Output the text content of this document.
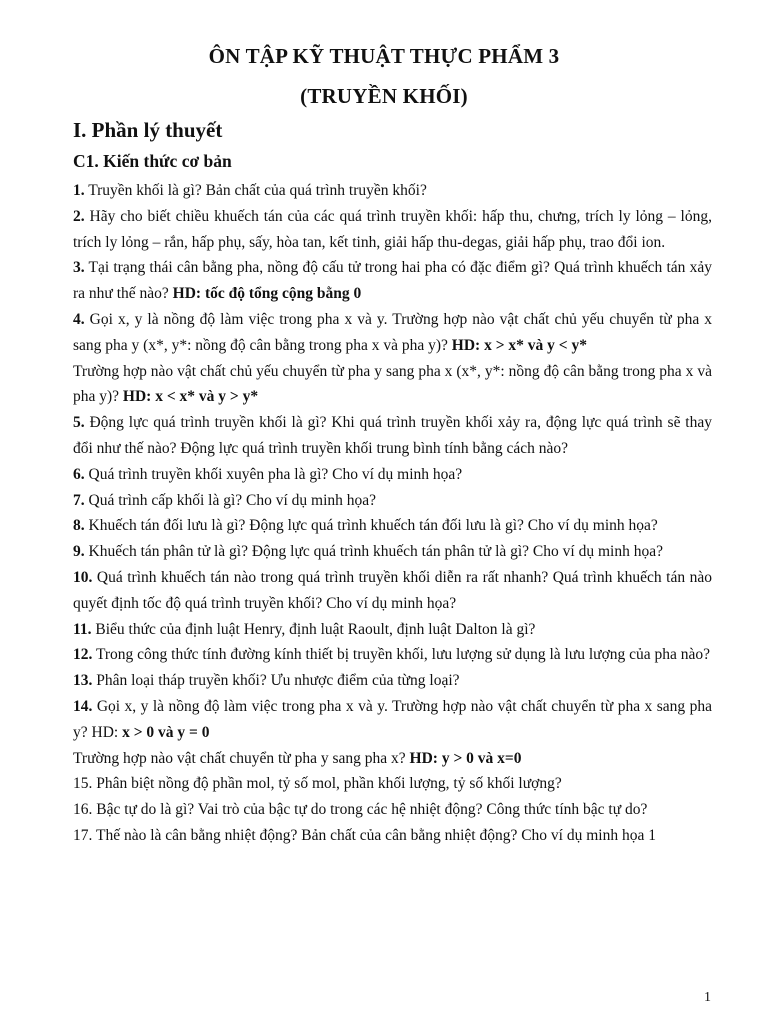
ÔN TẬP KỸ THUẬT THỰC PHẨM 3
(TRUYỀN KHỐI)
I. Phần lý thuyết
C1. Kiến thức cơ bản

1. Truyền khối là gì? Bản chất của quá trình truyền khối?

2. Hãy cho biết chiều khuếch tán của các quá trình truyền khối: hấp thu, chưng, trích ly lỏng – lỏng, trích ly lỏng – rắn, hấp phụ, sấy, hòa tan, kết tinh, giải hấp thu-degas, giải hấp phụ, trao đổi ion.

3. Tại trạng thái cân bằng pha, nồng độ cấu tử trong hai pha có đặc điểm gì? Quá trình khuếch tán xảy ra như thế nào? HD: tốc độ tổng cộng bằng 0

4. Gọi x, y là nồng độ làm việc trong pha x và y. Trường hợp nào vật chất chủ yếu chuyển từ pha x sang pha y (x*, y*: nồng độ cân bằng trong pha x và pha y)? HD: x > x* và y < y*

Trường hợp nào vật chất chủ yếu chuyển từ pha y sang pha x (x*, y*: nồng độ cân bằng trong pha x và pha y)? HD: x < x* và y > y*

5. Động lực quá trình truyền khối là gì? Khi quá trình truyền khối xảy ra, động lực quá trình sẽ thay đổi như thế nào? Động lực quá trình truyền khối trung bình tính bằng cách nào?

6. Quá trình truyền khối xuyên pha là gì? Cho ví dụ minh họa?

7. Quá trình cấp khối là gì? Cho ví dụ minh họa?

8. Khuếch tán đối lưu là gì? Động lực quá trình khuếch tán đối lưu là gì? Cho ví dụ minh họa?

9. Khuếch tán phân tử là gì? Động lực quá trình khuếch tán phân tử là gì? Cho ví dụ minh họa?

10. Quá trình khuếch tán nào trong quá trình truyền khối diễn ra rất nhanh? Quá trình khuếch tán nào quyết định tốc độ quá trình truyền khối? Cho ví dụ minh họa?

11. Biểu thức của định luật Henry, định luật Raoult, định luật Dalton là gì?

12. Trong công thức tính đường kính thiết bị truyền khối, lưu lượng sử dụng là lưu lượng của pha nào?

13. Phân loại tháp truyền khối? Ưu nhược điểm của từng loại?

14. Gọi x, y là nồng độ làm việc trong pha x và y. Trường hợp nào vật chất chuyển từ pha x sang pha y? HD: x > 0 và y = 0

Trường hợp nào vật chất chuyển từ pha y sang pha x? HD: y > 0 và x=0

15. Phân biệt nồng độ phần mol, tỷ số mol, phần khối lượng, tỷ số khối lượng?

16. Bậc tự do là gì? Vai trò của bậc tự do trong các hệ nhiệt động? Công thức tính bậc tự do?

17. Thế nào là cân bằng nhiệt động? Bản chất của cân bằng nhiệt động? Cho ví dụ minh họa 1

1
